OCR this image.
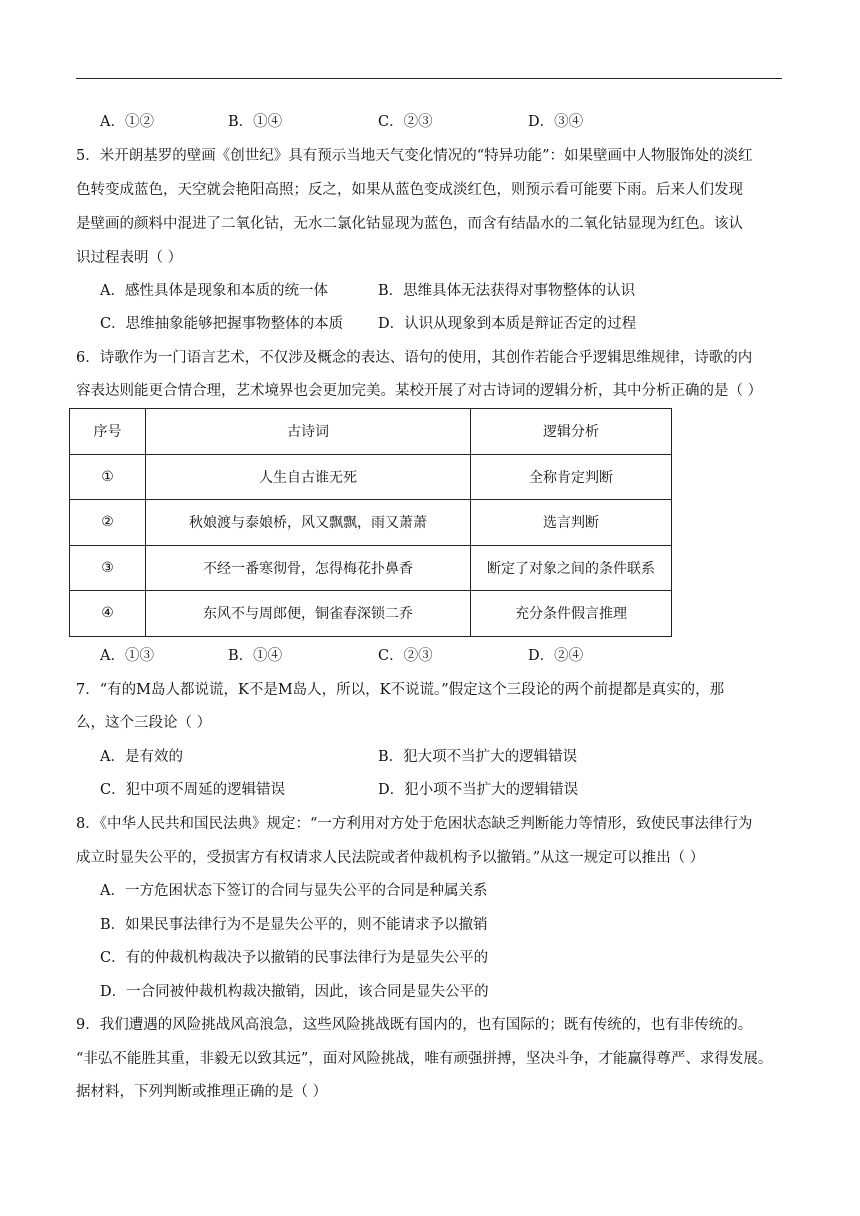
A．①②	B．①④	C．②③	D．③④
5．米开朗基罗的壁画《创世纪》具有预示当地天气变化情况的“特异功能”：如果壁画中人物服饰处的淡红
色转变成蓝色，天空就会艳阳高照；反之，如果从蓝色变成淡红色，则预示看可能要下雨。后来人们发现
是壁画的颜料中混进了二氧化钴，无水二氯化钴显现为蓝色，而含有结晶水的二氧化钴显现为红色。该认
识过程表明（ ）
A．感性具体是现象和本质的统一体	B．思维具体无法获得对事物整体的认识
C．思维抽象能够把握事物整体的本质 D．认识从现象到本质是辩证否定的过程
6．诗歌作为一门语言艺术，不仅涉及概念的表达、语句的使用，其创作若能合乎逻辑思维规律，诗歌的内
容表达则能更合情合理，艺术境界也会更加完美。某校开展了对古诗词的逻辑分析，其中分析正确的是（ ）
序号	古诗词	逻辑分析
①	人生自古谁无死	全称肯定判断
②	秋娘渡与泰娘桥，风又飘飘，雨又萧萧	选言判断
③	不经一番寒彻骨，怎得梅花扑鼻香	断定了对象之间的条件联系
④	东风不与周郎便，铜雀春深锁二乔	充分条件假言推理
A．①③	B．①④	C．②③	D．②④
7．“有的M岛人都说谎，K不是M岛人，所以，K不说谎。”假定这个三段论的两个前提都是真实的，那
么，这个三段论（ ）
A．是有效的	B．犯大项不当扩大的逻辑错误
C．犯中项不周延的逻辑错误	D．犯小项不当扩大的逻辑错误
8．《中华人民共和国民法典》规定：“一方利用对方处于危困状态缺乏判断能力等情形，致使民事法律行为
成立时显失公平的，受损害方有权请求人民法院或者仲裁机构予以撤销。”从这一规定可以推出（ ）
A．一方危困状态下签订的合同与显失公平的合同是种属关系
B．如果民事法律行为不是显失公平的，则不能请求予以撤销
C．有的仲裁机构裁决予以撤销的民事法律行为是显失公平的
D．一合同被仲裁机构裁决撤销，因此，该合同是显失公平的
9．我们遭遇的风险挑战风高浪急，这些风险挑战既有国内的，也有国际的；既有传统的，也有非传统的。
“非弘不能胜其重，非毅无以致其远”，面对风险挑战，唯有顽强拼搏，坚决斗争，才能赢得尊严、求得发展。
据材料，下列判断或推理正确的是（ ）
